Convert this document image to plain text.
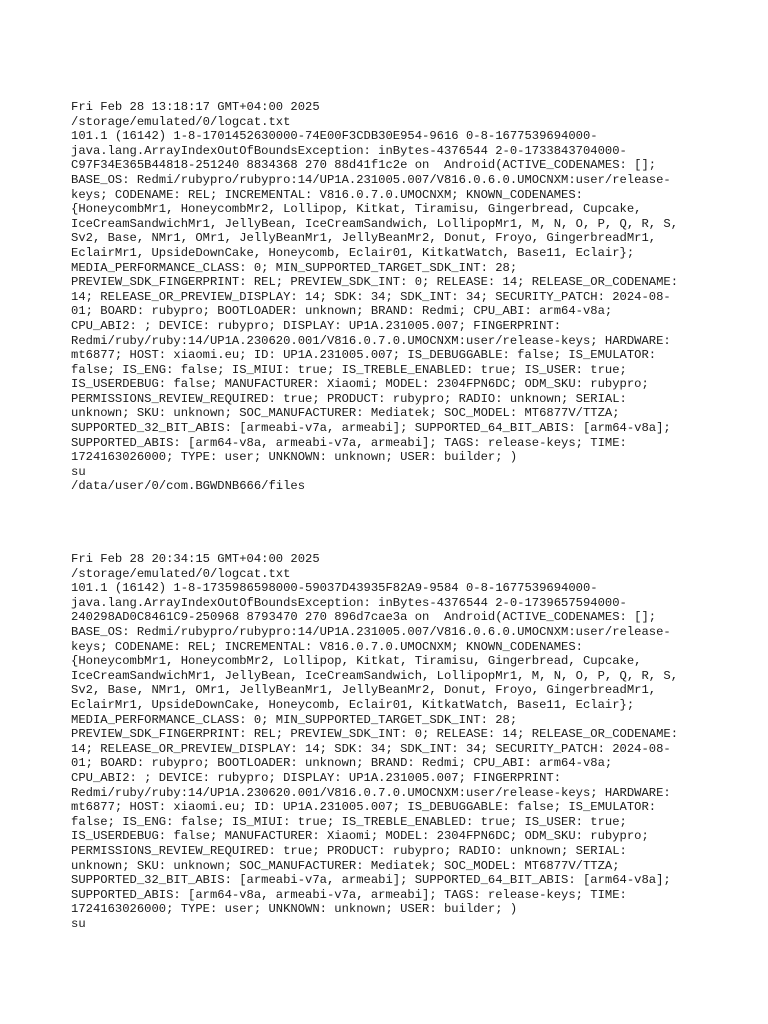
Fri Feb 28 13:18:17 GMT+04:00 2025
/storage/emulated/0/logcat.txt
101.1 (16142) 1-8-1701452630000-74E00F3CDB30E954-9616 0-8-1677539694000-
java.lang.ArrayIndexOutOfBoundsException: inBytes-4376544 2-0-1733843704000-
C97F34E365B44818-251240 8834368 270 88d41f1c2e on  Android(ACTIVE_CODENAMES: [];
BASE_OS: Redmi/rubypro/rubypro:14/UP1A.231005.007/V816.0.6.0.UMOCNXM:user/release-
keys; CODENAME: REL; INCREMENTAL: V816.0.7.0.UMOCNXM; KNOWN_CODENAMES:
{HoneycombMr1, HoneycombMr2, Lollipop, Kitkat, Tiramisu, Gingerbread, Cupcake,
IceCreamSandwichMr1, JellyBean, IceCreamSandwich, LollipopMr1, M, N, O, P, Q, R, S,
Sv2, Base, NMr1, OMr1, JellyBeanMr1, JellyBeanMr2, Donut, Froyo, GingerbreadMr1,
EclairMr1, UpsideDownCake, Honeycomb, Eclair01, KitkatWatch, Base11, Eclair};
MEDIA_PERFORMANCE_CLASS: 0; MIN_SUPPORTED_TARGET_SDK_INT: 28;
PREVIEW_SDK_FINGERPRINT: REL; PREVIEW_SDK_INT: 0; RELEASE: 14; RELEASE_OR_CODENAME:
14; RELEASE_OR_PREVIEW_DISPLAY: 14; SDK: 34; SDK_INT: 34; SECURITY_PATCH: 2024-08-
01; BOARD: rubypro; BOOTLOADER: unknown; BRAND: Redmi; CPU_ABI: arm64-v8a;
CPU_ABI2: ; DEVICE: rubypro; DISPLAY: UP1A.231005.007; FINGERPRINT:
Redmi/ruby/ruby:14/UP1A.230620.001/V816.0.7.0.UMOCNXM:user/release-keys; HARDWARE:
mt6877; HOST: xiaomi.eu; ID: UP1A.231005.007; IS_DEBUGGABLE: false; IS_EMULATOR:
false; IS_ENG: false; IS_MIUI: true; IS_TREBLE_ENABLED: true; IS_USER: true;
IS_USERDEBUG: false; MANUFACTURER: Xiaomi; MODEL: 2304FPN6DC; ODM_SKU: rubypro;
PERMISSIONS_REVIEW_REQUIRED: true; PRODUCT: rubypro; RADIO: unknown; SERIAL:
unknown; SKU: unknown; SOC_MANUFACTURER: Mediatek; SOC_MODEL: MT6877V/TTZA;
SUPPORTED_32_BIT_ABIS: [armeabi-v7a, armeabi]; SUPPORTED_64_BIT_ABIS: [arm64-v8a];
SUPPORTED_ABIS: [arm64-v8a, armeabi-v7a, armeabi]; TAGS: release-keys; TIME:
1724163026000; TYPE: user; UNKNOWN: unknown; USER: builder; )
su
/data/user/0/com.BGWDNB666/files
Fri Feb 28 20:34:15 GMT+04:00 2025
/storage/emulated/0/logcat.txt
101.1 (16142) 1-8-1735986598000-59037D43935F82A9-9584 0-8-1677539694000-
java.lang.ArrayIndexOutOfBoundsException: inBytes-4376544 2-0-1739657594000-
240298AD0C8461C9-250968 8793470 270 896d7cae3a on  Android(ACTIVE_CODENAMES: [];
BASE_OS: Redmi/rubypro/rubypro:14/UP1A.231005.007/V816.0.6.0.UMOCNXM:user/release-
keys; CODENAME: REL; INCREMENTAL: V816.0.7.0.UMOCNXM; KNOWN_CODENAMES:
{HoneycombMr1, HoneycombMr2, Lollipop, Kitkat, Tiramisu, Gingerbread, Cupcake,
IceCreamSandwichMr1, JellyBean, IceCreamSandwich, LollipopMr1, M, N, O, P, Q, R, S,
Sv2, Base, NMr1, OMr1, JellyBeanMr1, JellyBeanMr2, Donut, Froyo, GingerbreadMr1,
EclairMr1, UpsideDownCake, Honeycomb, Eclair01, KitkatWatch, Base11, Eclair};
MEDIA_PERFORMANCE_CLASS: 0; MIN_SUPPORTED_TARGET_SDK_INT: 28;
PREVIEW_SDK_FINGERPRINT: REL; PREVIEW_SDK_INT: 0; RELEASE: 14; RELEASE_OR_CODENAME:
14; RELEASE_OR_PREVIEW_DISPLAY: 14; SDK: 34; SDK_INT: 34; SECURITY_PATCH: 2024-08-
01; BOARD: rubypro; BOOTLOADER: unknown; BRAND: Redmi; CPU_ABI: arm64-v8a;
CPU_ABI2: ; DEVICE: rubypro; DISPLAY: UP1A.231005.007; FINGERPRINT:
Redmi/ruby/ruby:14/UP1A.230620.001/V816.0.7.0.UMOCNXM:user/release-keys; HARDWARE:
mt6877; HOST: xiaomi.eu; ID: UP1A.231005.007; IS_DEBUGGABLE: false; IS_EMULATOR:
false; IS_ENG: false; IS_MIUI: true; IS_TREBLE_ENABLED: true; IS_USER: true;
IS_USERDEBUG: false; MANUFACTURER: Xiaomi; MODEL: 2304FPN6DC; ODM_SKU: rubypro;
PERMISSIONS_REVIEW_REQUIRED: true; PRODUCT: rubypro; RADIO: unknown; SERIAL:
unknown; SKU: unknown; SOC_MANUFACTURER: Mediatek; SOC_MODEL: MT6877V/TTZA;
SUPPORTED_32_BIT_ABIS: [armeabi-v7a, armeabi]; SUPPORTED_64_BIT_ABIS: [arm64-v8a];
SUPPORTED_ABIS: [arm64-v8a, armeabi-v7a, armeabi]; TAGS: release-keys; TIME:
1724163026000; TYPE: user; UNKNOWN: unknown; USER: builder; )
su
